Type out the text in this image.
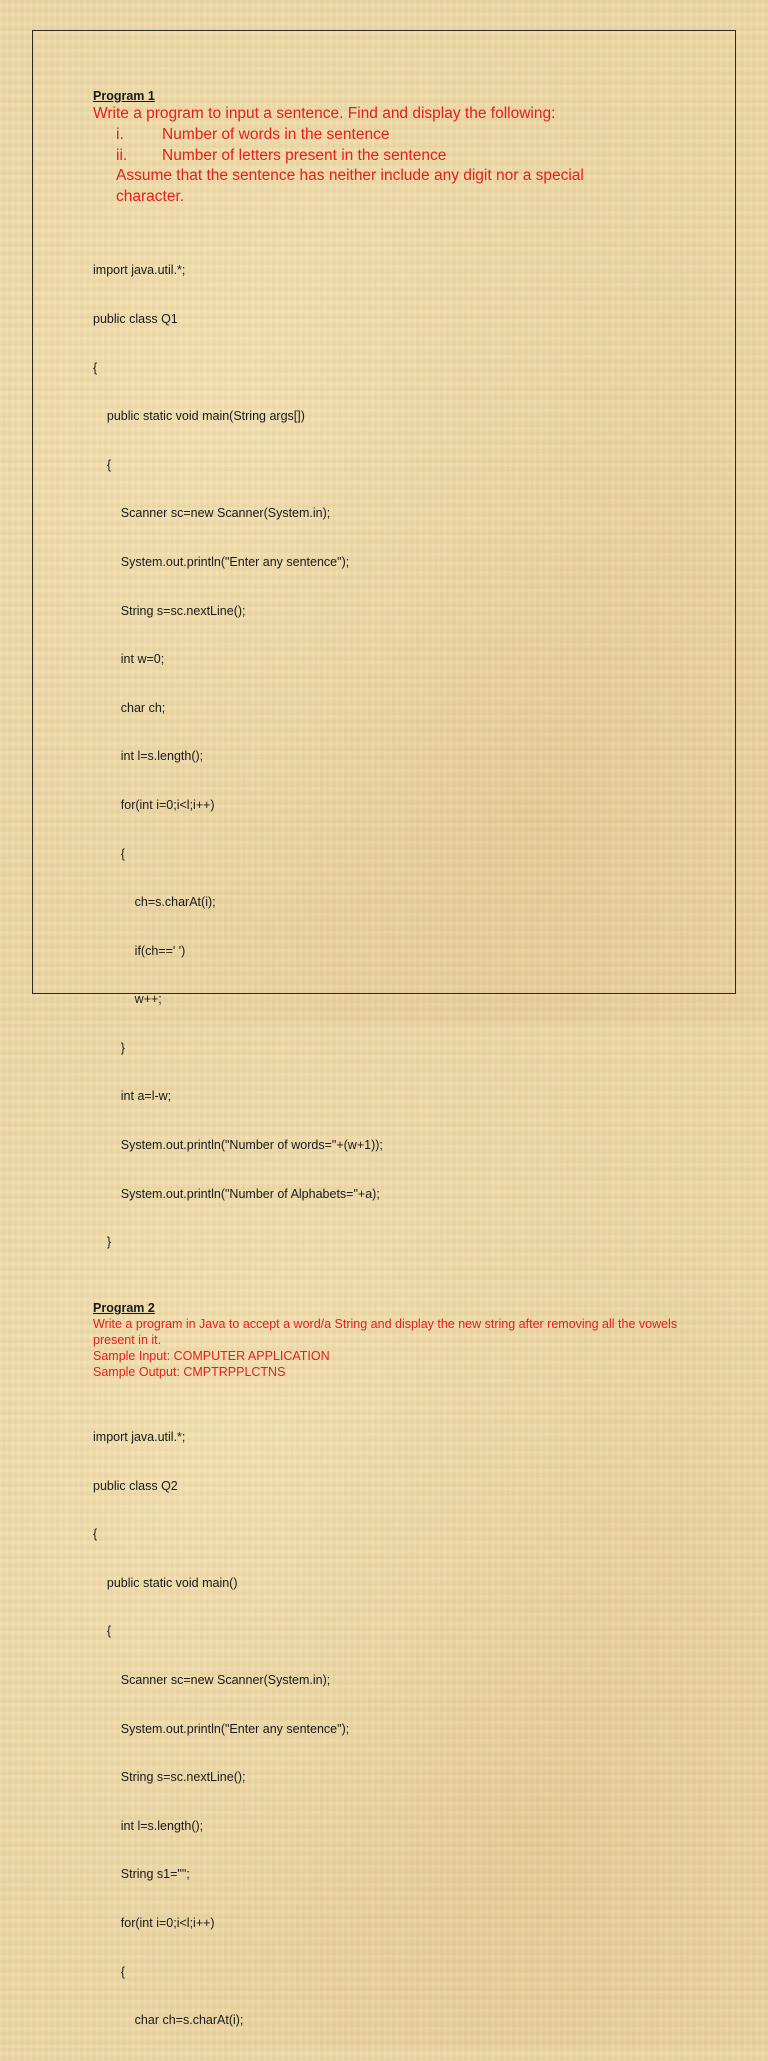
Program 1
Write a program to input a sentence. Find and display the following:
i.	Number of words in the sentence
ii.	Number of letters present in the sentence
Assume that the sentence has neither include any digit nor a special character.

import java.util.*;

public class Q1

{

public static void main(String args[])

{

Scanner sc=new Scanner(System.in);

System.out.println("Enter any sentence");

String s=sc.nextLine();

int w=0;

char ch;

int l=s.length();

for(int i=0;i<l;i++)

{

ch=s.charAt(i);

if(ch==' ')

w++;

}

int a=l-w;

System.out.println("Number of words="+(w+1));

System.out.println("Number of Alphabets="+a);

}

Program 2
Write a program in Java to accept a word/a String and display the new string after removing all the vowels present in it.
Sample Input: COMPUTER APPLICATION
Sample Output: CMPTRPPLCTNS

import java.util.*;

public class Q2

{

public static void main()

{

Scanner sc=new Scanner(System.in);

System.out.println("Enter any sentence");

String s=sc.nextLine();

int l=s.length();

String s1="";

for(int i=0;i<l;i++)

{

char ch=s.charAt(i);
